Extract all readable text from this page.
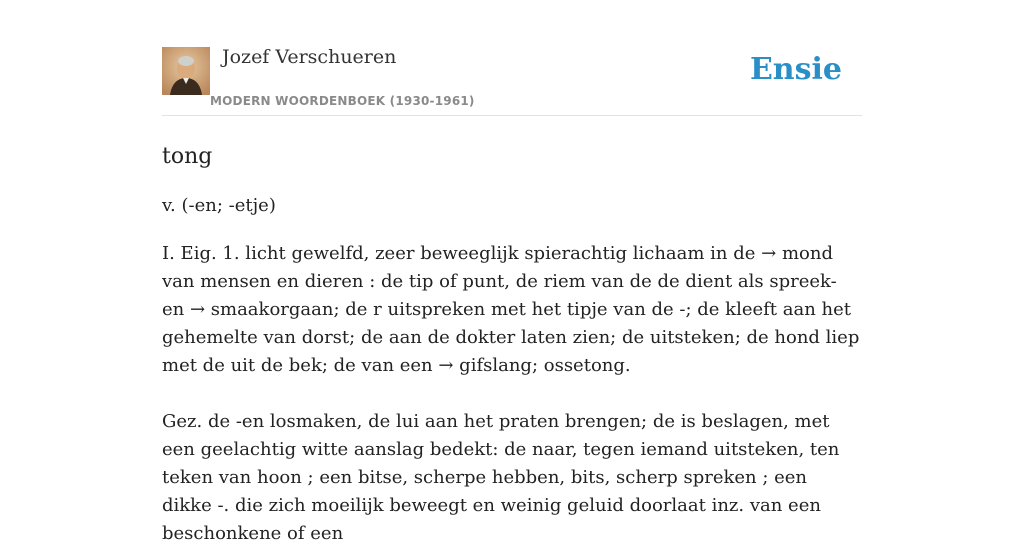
Jozef Verschueren
MODERN WOORDENBOEK (1930-1961)
Ensie
tong
v. (-en; -etje)

I. Eig. 1. licht gewelfd, zeer beweeglijk spierachtig lichaam in de → mond van mensen en dieren : de tip of punt, de riem van de de dient als spreek- en → smaakorgaan; de r uitspreken met het tipje van de -; de kleeft aan het gehemelte van dorst; de aan de dokter laten zien; de uitsteken; de hond liep met de uit de bek; de van een → gifslang; ossetong.

Gez. de -en losmaken, de lui aan het praten brengen; de is beslagen, met een geelachtig witte aanslag bedekt: de naar, tegen iemand uitsteken, ten teken van hoon ; een bitse, scherpe hebben, bits, scherp spreken ; een dikke -. die zich moeilijk beweegt en weinig geluid doorlaat inz. van een beschonkene of een
